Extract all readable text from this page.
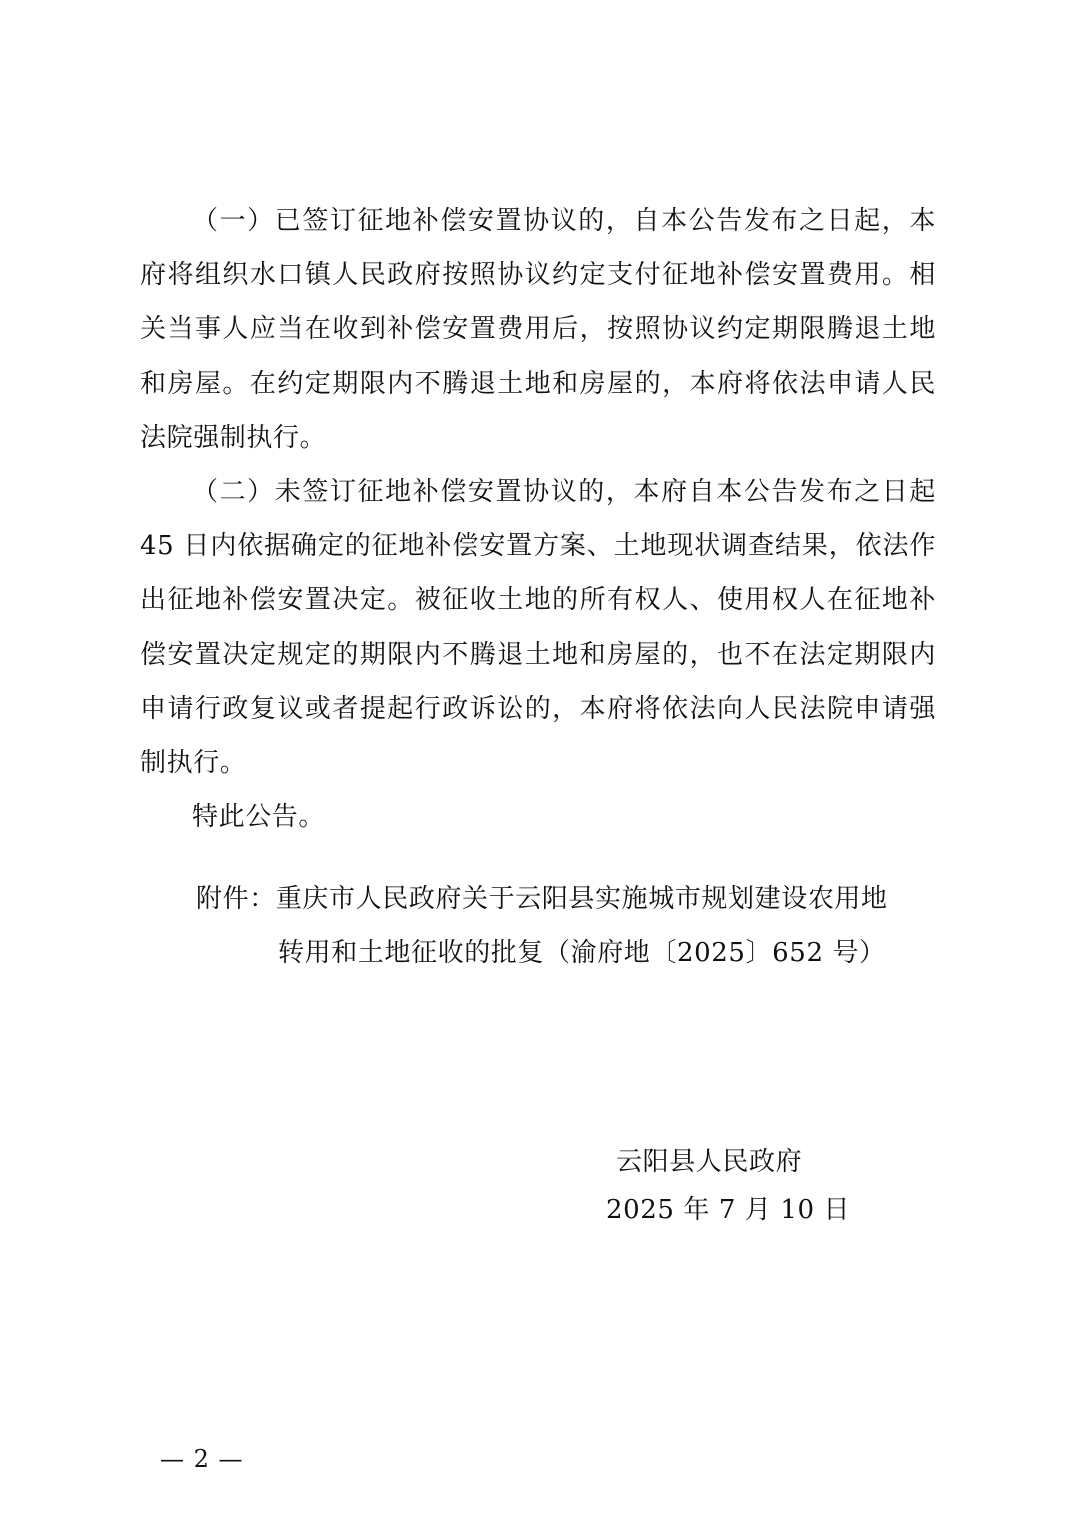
（一）已签订征地补偿安置协议的，自本公告发布之日起，本府将组织水口镇人民政府按照协议约定支付征地补偿安置费用。相关当事人应当在收到补偿安置费用后，按照协议约定期限腾退土地和房屋。在约定期限内不腾退土地和房屋的，本府将依法申请人民法院强制执行。

（二）未签订征地补偿安置协议的，本府自本公告发布之日起 45 日内依据确定的征地补偿安置方案、土地现状调查结果，依法作出征地补偿安置决定。被征收土地的所有权人、使用权人在征地补偿安置决定规定的期限内不腾退土地和房屋的，也不在法定期限内申请行政复议或者提起行政诉讼的，本府将依法向人民法院申请强制执行。

特此公告。

附件： 重庆市人民政府关于云阳县实施城市规划建设农用地
转用和土地征收的批复（渝府地〔2025〕652 号）
云阳县人民政府
2025 年 7 月 10 日
— 2 —
